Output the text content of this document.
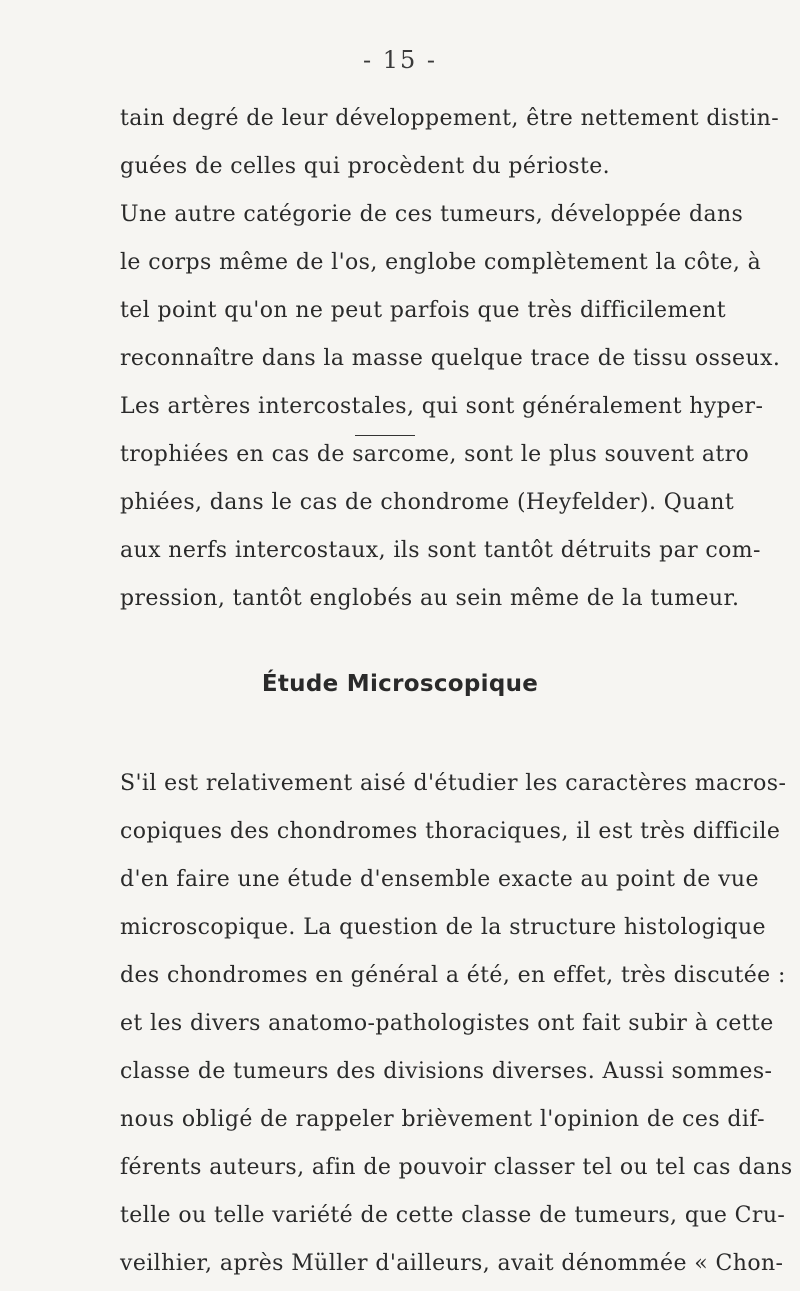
- 15 -
tain degré de leur développement, être nettement distin-
guées de celles qui procèdent du périoste.
Une autre catégorie de ces tumeurs, développée dans
le corps même de l'os, englobe complètement la côte, à
tel point qu'on ne peut parfois que très difficilement
reconnaître dans la masse quelque trace de tissu osseux.
Les artères intercostales, qui sont généralement hyper-
trophiées en cas de sarcome, sont le plus souvent atro
phiées, dans le cas de chondrome (Heyfelder). Quant
aux nerfs intercostaux, ils sont tantôt détruits par com-
pression, tantôt englobés au sein même de la tumeur.
Étude Microscopique
S'il est relativement aisé d'étudier les caractères macros-
copiques des chondromes thoraciques, il est très difficile
d'en faire une étude d'ensemble exacte au point de vue
microscopique. La question de la structure histologique
des chondromes en général a été, en effet, très discutée :
et les divers anatomo-pathologistes ont fait subir à cette
classe de tumeurs des divisions diverses. Aussi sommes-
nous obligé de rappeler brièvement l'opinion de ces dif-
férents auteurs, afin de pouvoir classer tel ou tel cas dans
telle ou telle variété de cette classe de tumeurs, que Cru-
veilhier, après Müller d'ailleurs, avait dénommée « Chon-
